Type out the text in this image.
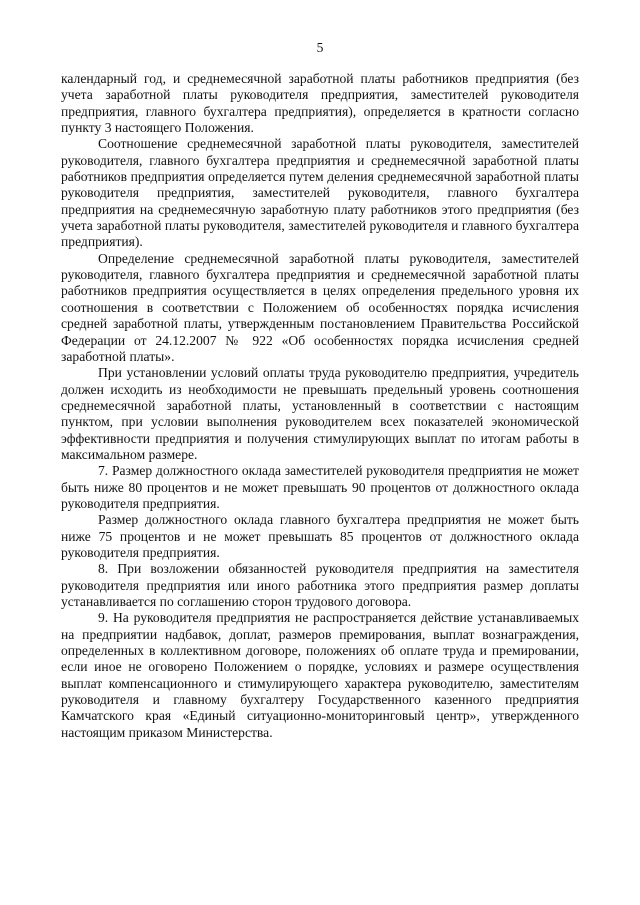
5

календарный год, и среднемесячной заработной платы работников предприятия (без учета заработной платы руководителя предприятия, заместителей руководителя предприятия, главного бухгалтера предприятия), определяется в кратности согласно пункту 3 настоящего Положения.

Соотношение среднемесячной заработной платы руководителя, заместителей руководителя, главного бухгалтера предприятия и среднемесячной заработной платы работников предприятия определяется путем деления среднемесячной заработной платы руководителя предприятия, заместителей руководителя, главного бухгалтера предприятия на среднемесячную заработную плату работников этого предприятия (без учета заработной платы руководителя, заместителей руководителя и главного бухгалтера предприятия).

Определение среднемесячной заработной платы руководителя, заместителей руководителя, главного бухгалтера предприятия и среднемесячной заработной платы работников предприятия осуществляется в целях определения предельного уровня их соотношения в соответствии с Положением об особенностях порядка исчисления средней заработной платы, утвержденным постановлением Правительства Российской Федерации от 24.12.2007 № 922 «Об особенностях порядка исчисления средней заработной платы».

При установлении условий оплаты труда руководителю предприятия, учредитель должен исходить из необходимости не превышать предельный уровень соотношения среднемесячной заработной платы, установленный в соответствии с настоящим пунктом, при условии выполнения руководителем всех показателей экономической эффективности предприятия и получения стимулирующих выплат по итогам работы в максимальном размере.

7. Размер должностного оклада заместителей руководителя предприятия не может быть ниже 80 процентов и не может превышать 90 процентов от должностного оклада руководителя предприятия.

Размер должностного оклада главного бухгалтера предприятия не может быть ниже 75 процентов и не может превышать 85 процентов от должностного оклада руководителя предприятия.

8. При возложении обязанностей руководителя предприятия на заместителя руководителя предприятия или иного работника этого предприятия размер доплаты устанавливается по соглашению сторон трудового договора.

9. На руководителя предприятия не распространяется действие устанавливаемых на предприятии надбавок, доплат, размеров премирования, выплат вознаграждения, определенных в коллективном договоре, положениях об оплате труда и премировании, если иное не оговорено Положением о порядке, условиях и размере осуществления выплат компенсационного и стимулирующего характера руководителю, заместителям руководителя и главному бухгалтеру Государственного казенного предприятия Камчатского края «Единый ситуационно-мониторинговый центр», утвержденного настоящим приказом Министерства.
